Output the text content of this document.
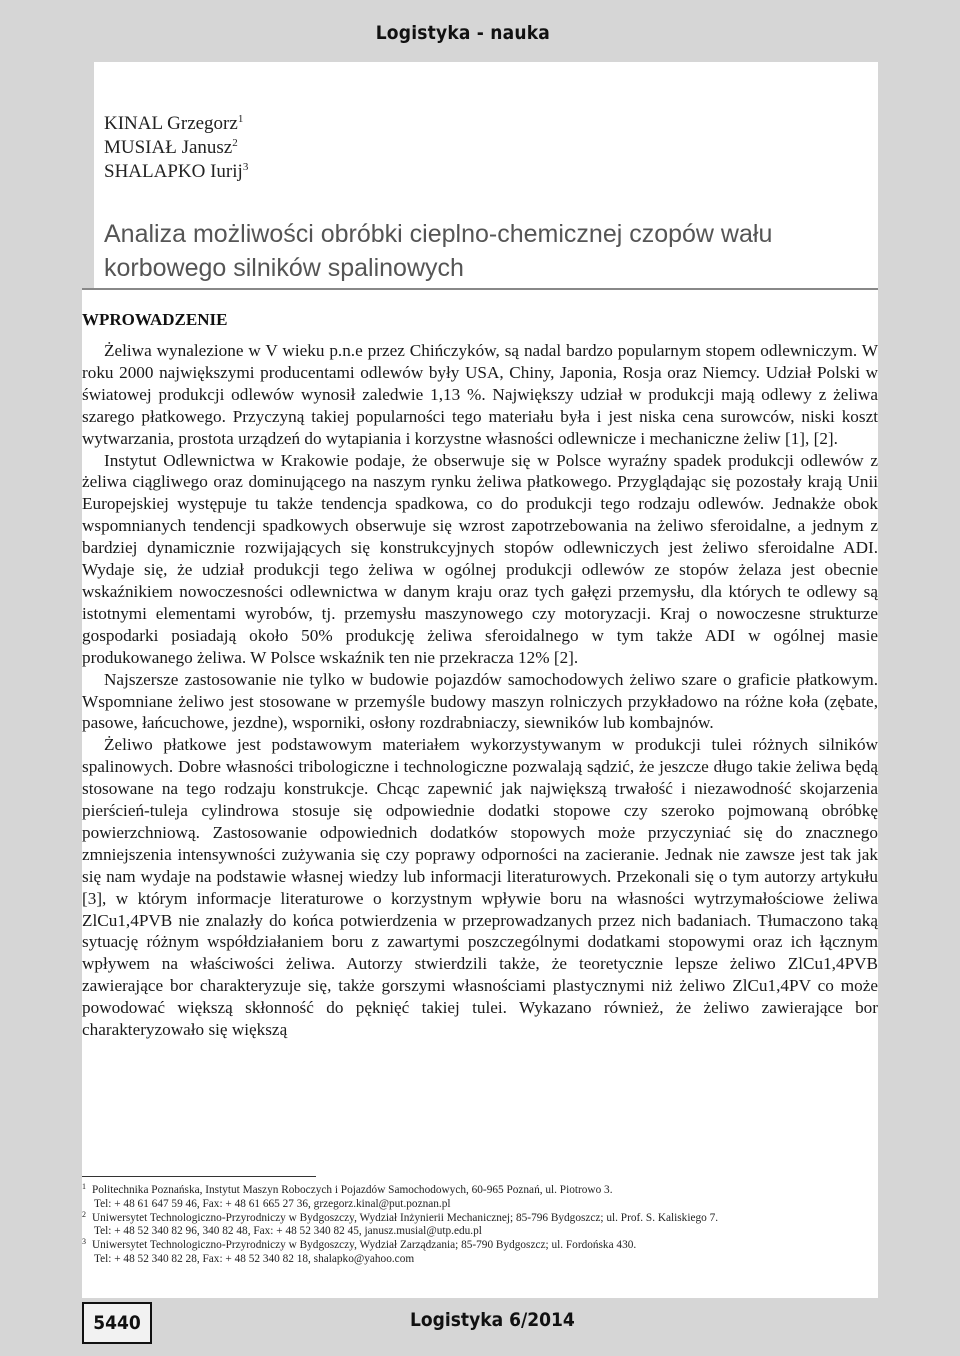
Logistyka - nauka
KINAL Grzegorz$^1$
MUSIAŁ Janusz$^2$
SHALAPKO Iurij$^3$
Analiza możliwości obróbki cieplno-chemicznej czopów wału korbowego silników spalinowych
WPROWADZENIE

Żeliwa wynalezione w V wieku p.n.e przez Chińczyków, są nadal bardzo popularnym stopem odlewniczym. W roku 2000 największymi producentami odlewów były USA, Chiny, Japonia, Rosja oraz Niemcy. Udział Polski w światowej produkcji odlewów wynosił zaledwie 1,13 %. Największy udział w produkcji mają odlewy z żeliwa szarego płatkowego. Przyczyną takiej popularności tego materiału była i jest niska cena surowców, niski koszt wytwarzania, prostota urządzeń do wytapiania i korzystne własności odlewnicze i mechaniczne żeliw [1], [2].

Instytut Odlewnictwa w Krakowie podaje, że obserwuje się w Polsce wyraźny spadek produkcji odlewów z żeliwa ciągliwego oraz dominującego na naszym rynku żeliwa płatkowego. Przyglądając się pozostały krają Unii Europejskiej występuje tu także tendencja spadkowa, co do produkcji tego rodzaju odlewów. Jednakże obok wspomnianych tendencji spadkowych obserwuje się wzrost zapotrzebowania na żeliwo sferoidalne, a jednym z bardziej dynamicznie rozwijających się konstrukcyjnych stopów odlewniczych jest żeliwo sferoidalne ADI. Wydaje się, że udział produkcji tego żeliwa w ogólnej produkcji odlewów ze stopów żelaza jest obecnie wskaźnikiem nowoczesności odlewnictwa w danym kraju oraz tych gałęzi przemysłu, dla których te odlewy są istotnymi elementami wyrobów, tj. przemysłu maszynowego czy motoryzacji. Kraj o nowoczesne strukturze gospodarki posiadają około 50% produkcję żeliwa sferoidalnego w tym także ADI w ogólnej masie produkowanego żeliwa. W Polsce wskaźnik ten nie przekracza 12% [2].

Najszersze zastosowanie nie tylko w budowie pojazdów samochodowych żeliwo szare o graficie płatkowym. Wspomniane żeliwo jest stosowane w przemyśle budowy maszyn rolniczych przykładowo na różne koła (zębate, pasowe, łańcuchowe, jezdne), wsporniki, osłony rozdrabniaczy, siewników lub kombajnów.

Żeliwo płatkowe jest podstawowym materiałem wykorzystywanym w produkcji tulei różnych silników spalinowych. Dobre własności tribologiczne i technologiczne pozwalają sądzić, że jeszcze długo takie żeliwa będą stosowane na tego rodzaju konstrukcje. Chcąc zapewnić jak największą trwałość i niezawodność skojarzenia pierścień-tuleja cylindrowa stosuje się odpowiednie dodatki stopowe czy szeroko pojmowaną obróbkę powierzchniową. Zastosowanie odpowiednich dodatków stopowych może przyczyniać się do znacznego zmniejszenia intensywności zużywania się czy poprawy odporności na zacieranie. Jednak nie zawsze jest tak jak się nam wydaje na podstawie własnej wiedzy lub informacji literaturowych. Przekonali się o tym autorzy artykułu [3], w którym informacje literaturowe o korzystnym wpływie boru na własności wytrzymałościowe żeliwa ZlCu1,4PVB nie znalazły do końca potwierdzenia w przeprowadzanych przez nich badaniach. Tłumaczono taką sytuację różnym współdziałaniem boru z zawartymi poszczególnymi dodatkami stopowymi oraz ich łącznym wpływem na właściwości żeliwa. Autorzy stwierdzili także, że teoretycznie lepsze żeliwo ZlCu1,4PVB zawierające bor charakteryzuje się, także gorszymi własnościami plastycznymi niż żeliwo ZlCu1,4PV co może powodować większą skłonność do pęknięć takiej tulei. Wykazano również, że żeliwo zawierające bor charakteryzowało się większą

$^1$ Politechnika Poznańska, Instytut Maszyn Roboczych i Pojazdów Samochodowych, 60-965 Poznań, ul. Piotrowo 3.
Tel: + 48 61 647 59 46, Fax: + 48 61 665 27 36, grzegorz.kinal@put.poznan.pl
$^2$ Uniwersytet Technologiczno-Przyrodniczy w Bydgoszczy, Wydział Inżynierii Mechanicznej; 85-796 Bydgoszcz; ul. Prof. S. Kaliskiego 7.
Tel: + 48 52 340 82 96, 340 82 48, Fax: + 48 52 340 82 45, janusz.musial@utp.edu.pl
$^3$ Uniwersytet Technologiczno-Przyrodniczy w Bydgoszczy, Wydział Zarządzania; 85-790 Bydgoszcz; ul. Fordońska 430.
Tel: + 48 52 340 82 28, Fax: + 48 52 340 82 18, shalapko@yahoo.com
5440	Logistyka 6/2014
